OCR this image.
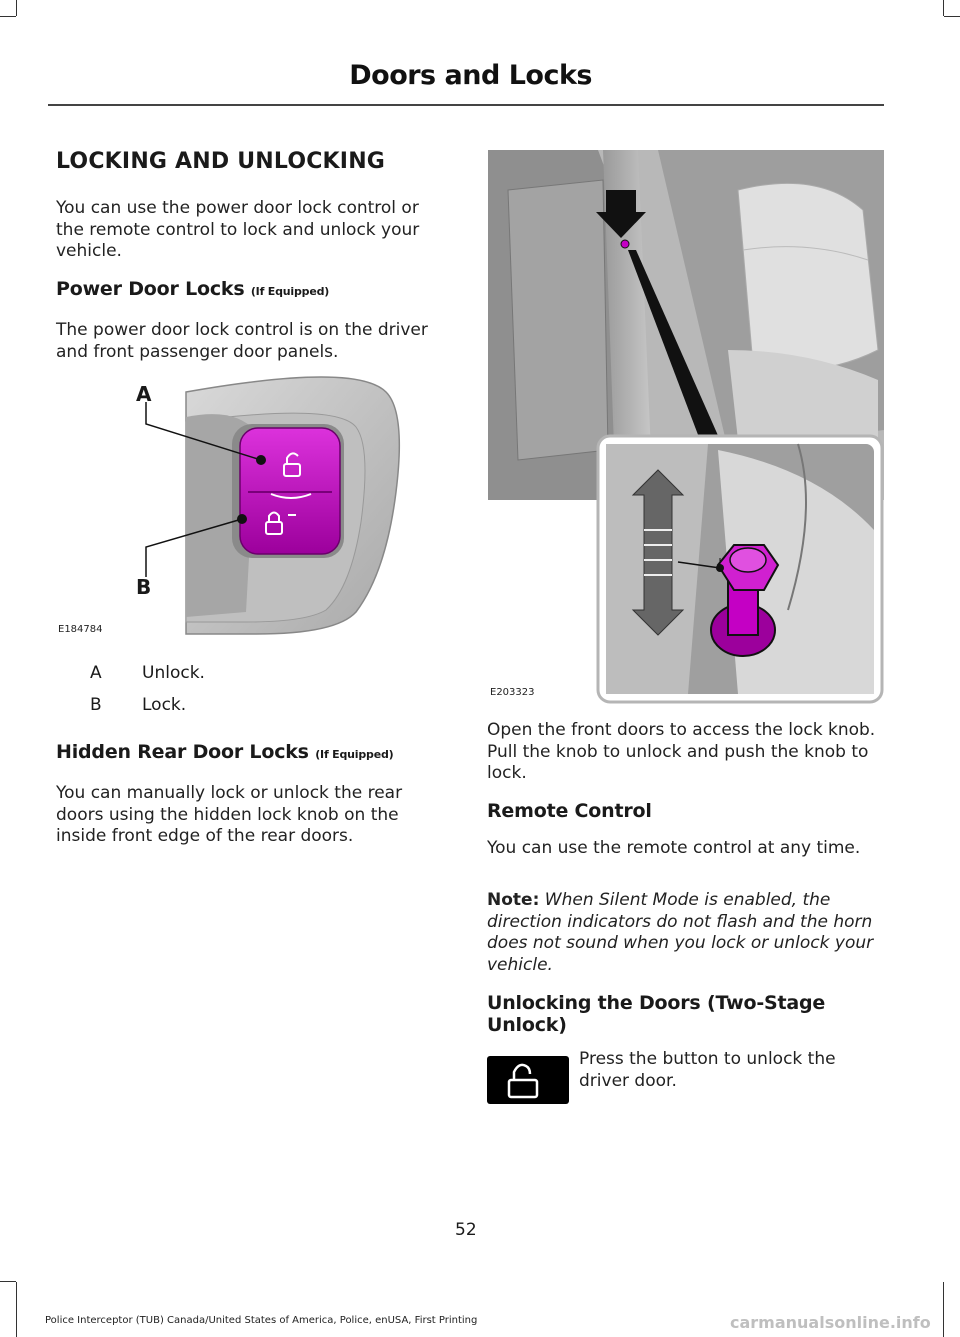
Doors and Locks
LOCKING AND UNLOCKING
You can use the power door lock control or the remote control to lock and unlock your vehicle.
Power Door Locks (If Equipped)
The power door lock control is on the driver and front passenger door panels.
A
B
E184784
A Unlock.
B Lock.
Hidden Rear Door Locks (If Equipped)
You can manually lock or unlock the rear doors using the hidden lock knob on the inside front edge of the rear doors.
E203323
Open the front doors to access the lock knob. Pull the knob to unlock and push the knob to lock.
Remote Control
You can use the remote control at any time.
Note: When Silent Mode is enabled, the direction indicators do not flash and the horn does not sound when you lock or unlock your vehicle.
Unlocking the Doors (Two-Stage Unlock)
Press the button to unlock the driver door.
52
Police Interceptor (TUB) Canada/United States of America, Police, enUSA, First Printing	carmanualsonline.info
